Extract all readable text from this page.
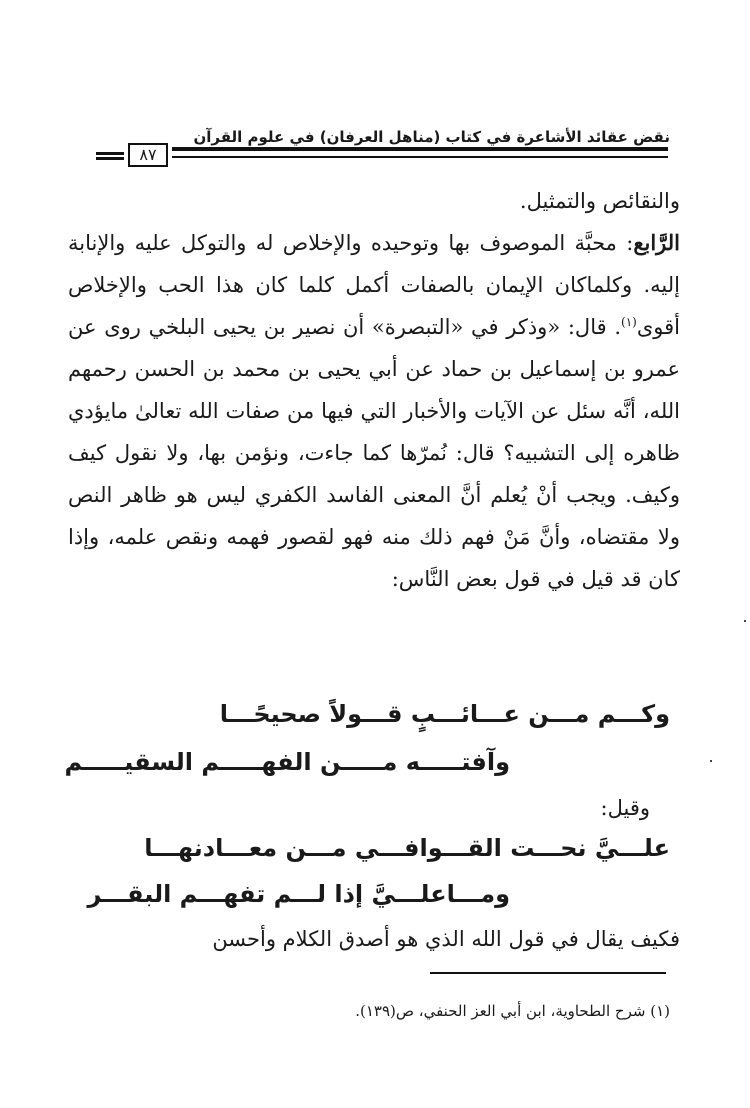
نقض عقائد الأشاعرة في كتاب (مناهل العرفان) في علوم القرآن
٨٧

والنقائص والتمثيل.

الرَّابع: محبَّة الموصوف بها وتوحيده والإخلاص له والتوكل عليه والإنابة إليه. وكلماكان الإيمان بالصفات أكمل كلما كان هذا الحب والإخلاص أقوى$^{(١)}$. قال: «وذكر في «التبصرة» أن نصير بن يحيى البلخي روى عن عمرو بن إسماعيل بن حماد عن أبي يحيى بن محمد بن الحسن رحمهم الله، أنَّه سئل عن الآيات والأخبار التي فيها من صفات الله تعالىٰ مايؤدي ظاهره إلى التشبيه؟ قال: نُمرّها كما جاءت، ونؤمن بها، ولا نقول كيف وكيف. ويجب أنْ يُعلم أنَّ المعنى الفاسد الكفري ليس هو ظاهر النص ولا مقتضاه، وأنَّ مَنْ فهم ذلك منه فهو لقصور فهمه ونقص علمه، وإذا كان قد قيل في قول بعض النَّاس:

وكـــم مـــن عـــائـــبٍ قـــولاً صحيحًـــا
وآفتـــــه مـــــن الفهـــــم السقيـــــم
وقيل:
علـــيَّ نحـــت القـــوافـــي مـــن معـــادنهـــا
ومـــاعلـــيَّ إذا لـــم تفهـــم البقـــر
فكيف يقال في قول الله الذي هو أصدق الكلام وأحسن
(١) شرح الطحاوية، ابن أبي العز الحنفي، ص(١٣٩).
